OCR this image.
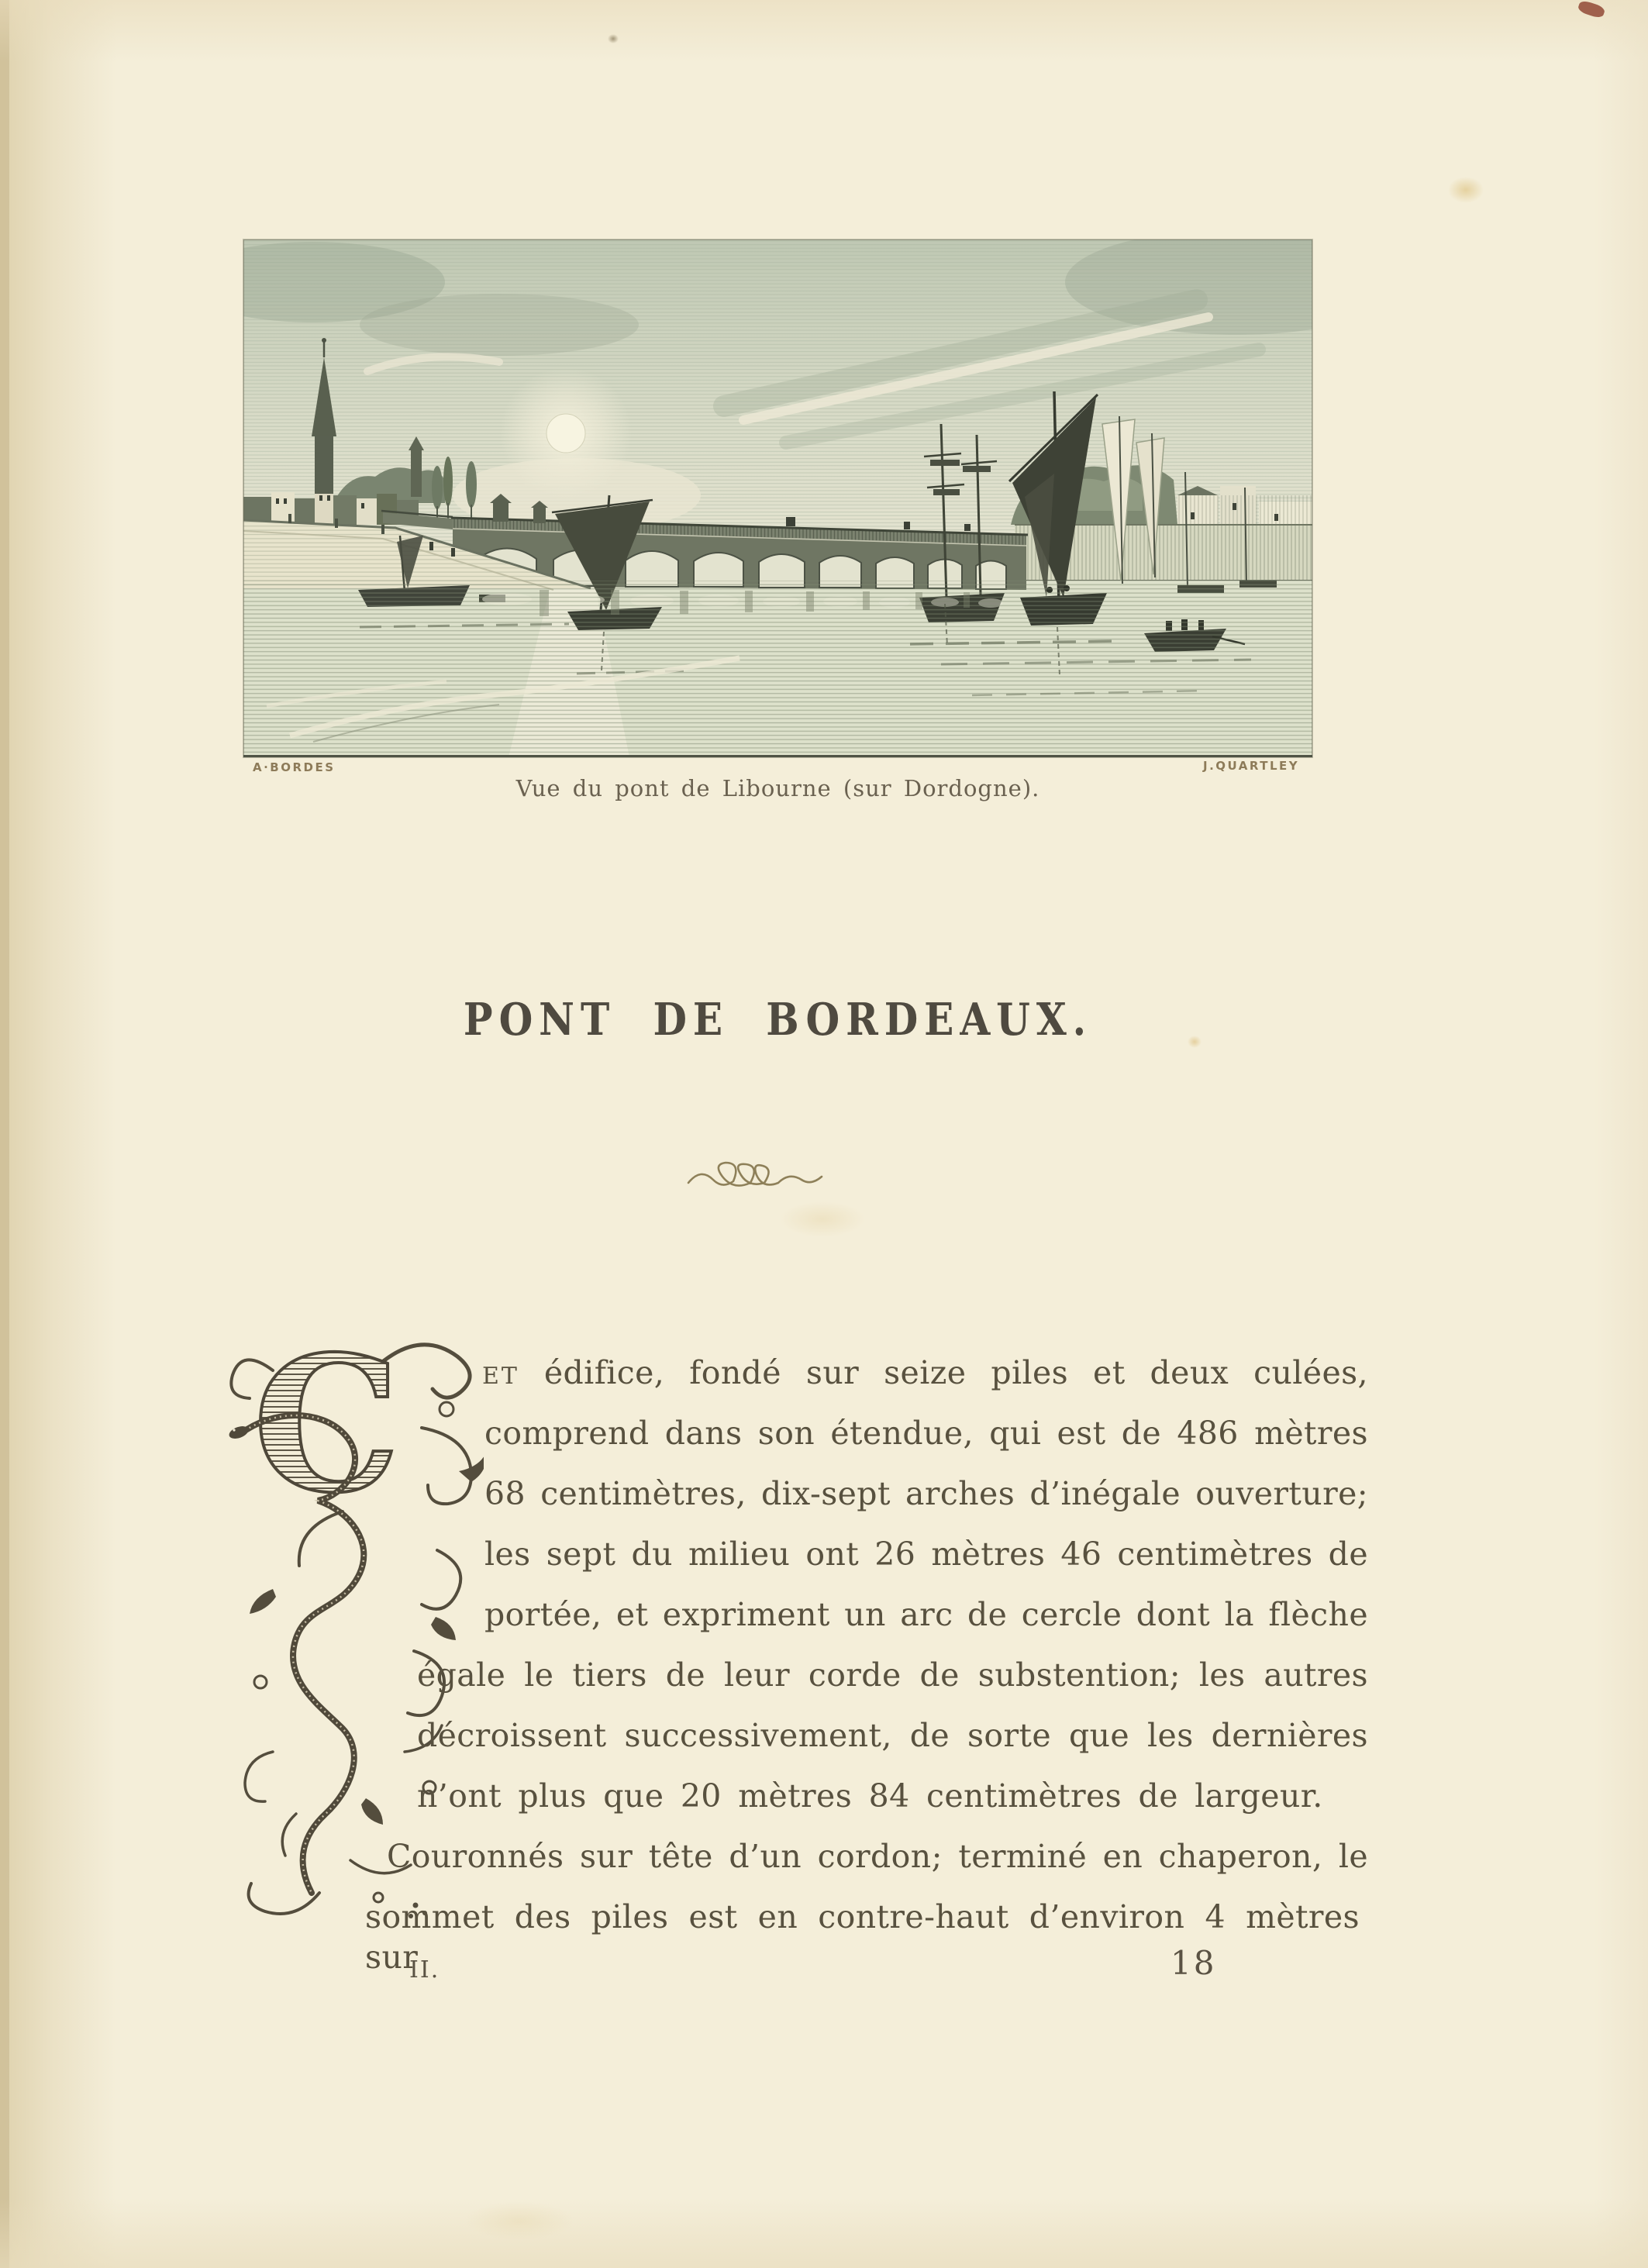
A·BORDES	J.QUARTLEY
Vue du pont de Libourne (sur Dordogne).
PONT DE BORDEAUX.
C	ET édifice, fondé sur seize piles et deux culées,
comprend dans son étendue, qui est de 486 mètres
68 centimètres, dix-sept arches d’inégale ouverture;
les sept du milieu ont 26 mètres 46 centimètres de
portée, et expriment un arc de cercle dont la flèche
égale le tiers de leur corde de substention; les autres
décroissent successivement, de sorte que les dernières
n’ont plus que 20 mètres 84 centimètres de largeur.
Couronnés sur tête d’un cordon; terminé en chaperon, le
sommet des piles est en contre-haut d’environ 4 mètres sur
II.	18
